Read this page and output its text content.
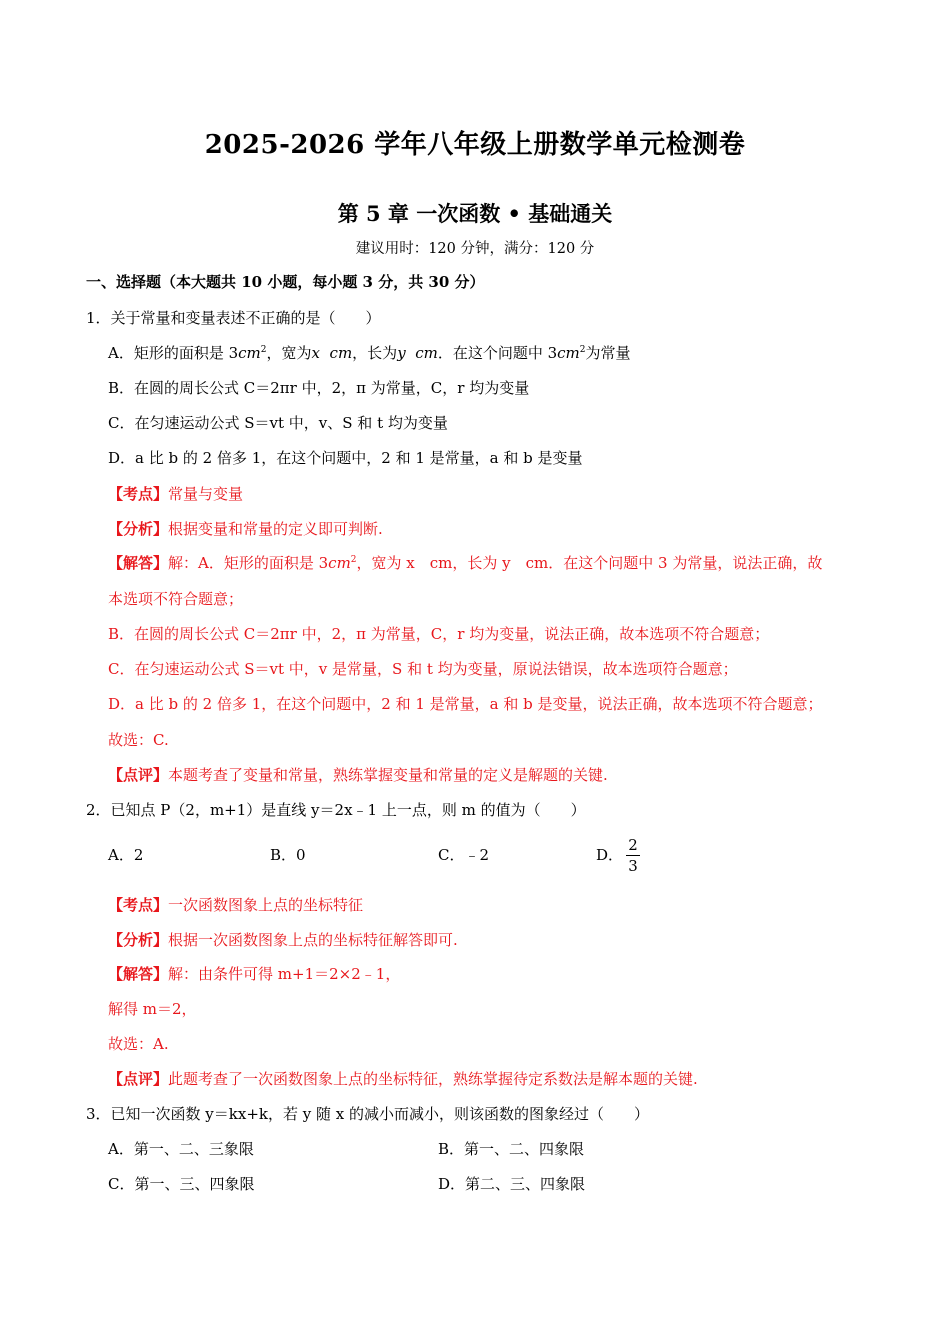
2025-2026 学年八年级上册数学单元检测卷
第 5 章 一次函数 • 基础通关
建议用时：120 分钟，满分：120 分
一、选择题（本大题共 10 小题，每小题 3 分，共 30 分）
1．关于常量和变量表述不正确的是（　　）
A．矩形的面积是 $3cm^2$，宽为x cm，长为y cm．在这个问题中 $3cm^2$为常量
B．在圆的周长公式 C＝2πr 中，2，π 为常量，C，r 均为变量
C．在匀速运动公式 S＝vt 中，v、S 和 t 均为变量
D．a 比 b 的 2 倍多 1，在这个问题中，2 和 1 是常量，a 和 b 是变量
【考点】常量与变量
【分析】根据变量和常量的定义即可判断.
【解答】解：A．矩形的面积是 $3cm^2$，宽为 x　cm，长为 y　cm．在这个问题中 3 为常量，说法正确，故
本选项不符合题意；
B．在圆的周长公式 C＝2πr 中，2，π 为常量，C，r 均为变量，说法正确，故本选项不符合题意；
C．在匀速运动公式 S＝vt 中，v 是常量，S 和 t 均为变量，原说法错误，故本选项符合题意；
D．a 比 b 的 2 倍多 1，在这个问题中，2 和 1 是常量，a 和 b 是变量，说法正确，故本选项不符合题意；
故选：C.
【点评】本题考查了变量和常量，熟练掌握变量和常量的定义是解题的关键.
2．已知点 P（2，m+1）是直线 y＝2x﹣1 上一点，则 m 的值为（　　）
A．2	B．0	C．﹣2	D．
2
3
【考点】一次函数图象上点的坐标特征
【分析】根据一次函数图象上点的坐标特征解答即可.
【解答】解：由条件可得 m+1＝2×2﹣1，
解得 m＝2，
故选：A.
【点评】此题考查了一次函数图象上点的坐标特征，熟练掌握待定系数法是解本题的关键.
3．已知一次函数 y＝kx+k，若 y 随 x 的减小而减小，则该函数的图象经过（　　）
A．第一、二、三象限	B．第一、二、四象限
C．第一、三、四象限	D．第二、三、四象限
